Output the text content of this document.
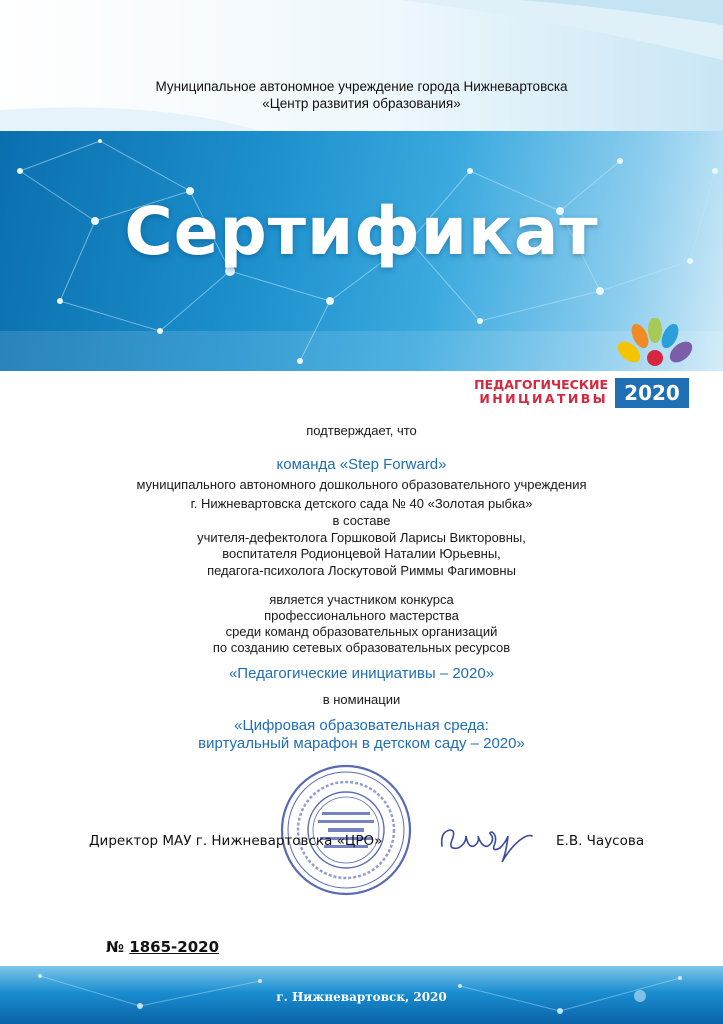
Муниципальное автономное учреждение города Нижневартовска
«Центр развития образования»
Сертификат
ПЕДАГОГИЧЕСКИЕ
ИНИЦИАТИВЫ 2020
подтверждает, что
команда «Step Forward»
муниципального автономного дошкольного образовательного учреждения
г. Нижневартовска детского сада № 40 «Золотая рыбка»
в составе
учителя-дефектолога Горшковой Ларисы Викторовны,
воспитателя Родионцевой Наталии Юрьевны,
педагога-психолога Лоскутовой Риммы Фагимовны
является участником конкурса
профессионального мастерства
среди команд образовательных организаций
по созданию сетевых образовательных ресурсов
«Педагогические инициативы – 2020»
в номинации
«Цифровая образовательная среда:
виртуальный марафон в детском саду – 2020»
Директор МАУ г. Нижневартовска «ЦРО»	Е.В. Чаусова
№ 1865-2020
г. Нижневартовск, 2020
